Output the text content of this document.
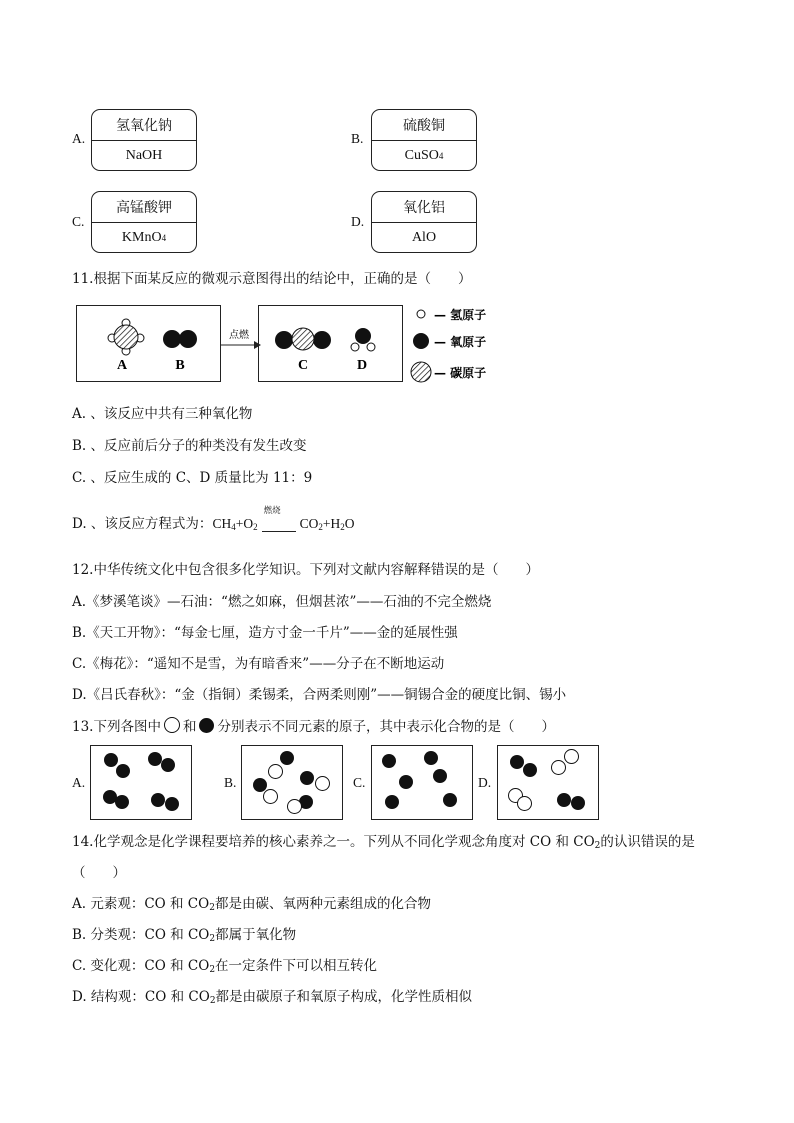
A.
氢氧化钠
NaOH
B.
硫酸铜
CuSO 4
C.
高锰酸钾
KMnO 4
D.
氧化铝
AlO
11.根据下面某反应的微观示意图得出的结论中，正确的是（　　）
A	B
点燃
C	D
— 氢原子
— 氧原子
— 碳原子
A. 、该反应中共有三种氧化物
B. 、反应前后分子的种类没有发生改变
C. 、反应生成的 C、D 质量比为 11：9
D. 、该反应方程式为：$CH_4+O_2$
燃烧
$CO_2+H_2O$
12.中华传统文化中包含很多化学知识。下列对文献内容解释错误的是（　　）
A.《梦溪笔谈》—石油：“燃之如麻，但烟甚浓”——石油的不完全燃烧
B.《天工开物》：“每金七厘，造方寸金一千片”——金的延展性强
C.《梅花》：“遥知不是雪，为有暗香来”——分子在不断地运动
D.《吕氏春秋》：“金（指铜）柔锡柔，合两柔则刚”——铜锡合金的硬度比铜、锡小
13.下列各图中 和 分别表示不同元素的原子，其中表示化合物的是（　　）
A.	B.	C.	D.
14.化学观念是化学课程要培养的核心素养之一。下列从不同化学观念角度对 CO 和 $CO_2$的认识错误的是
（　　）
A. 元素观：CO 和 $CO_2$都是由碳、氧两种元素组成的化合物
B. 分类观：CO 和 $CO_2$都属于氧化物
C. 变化观：CO 和 $CO_2$在一定条件下可以相互转化
D. 结构观：CO 和 $CO_2$都是由碳原子和氧原子构成，化学性质相似
